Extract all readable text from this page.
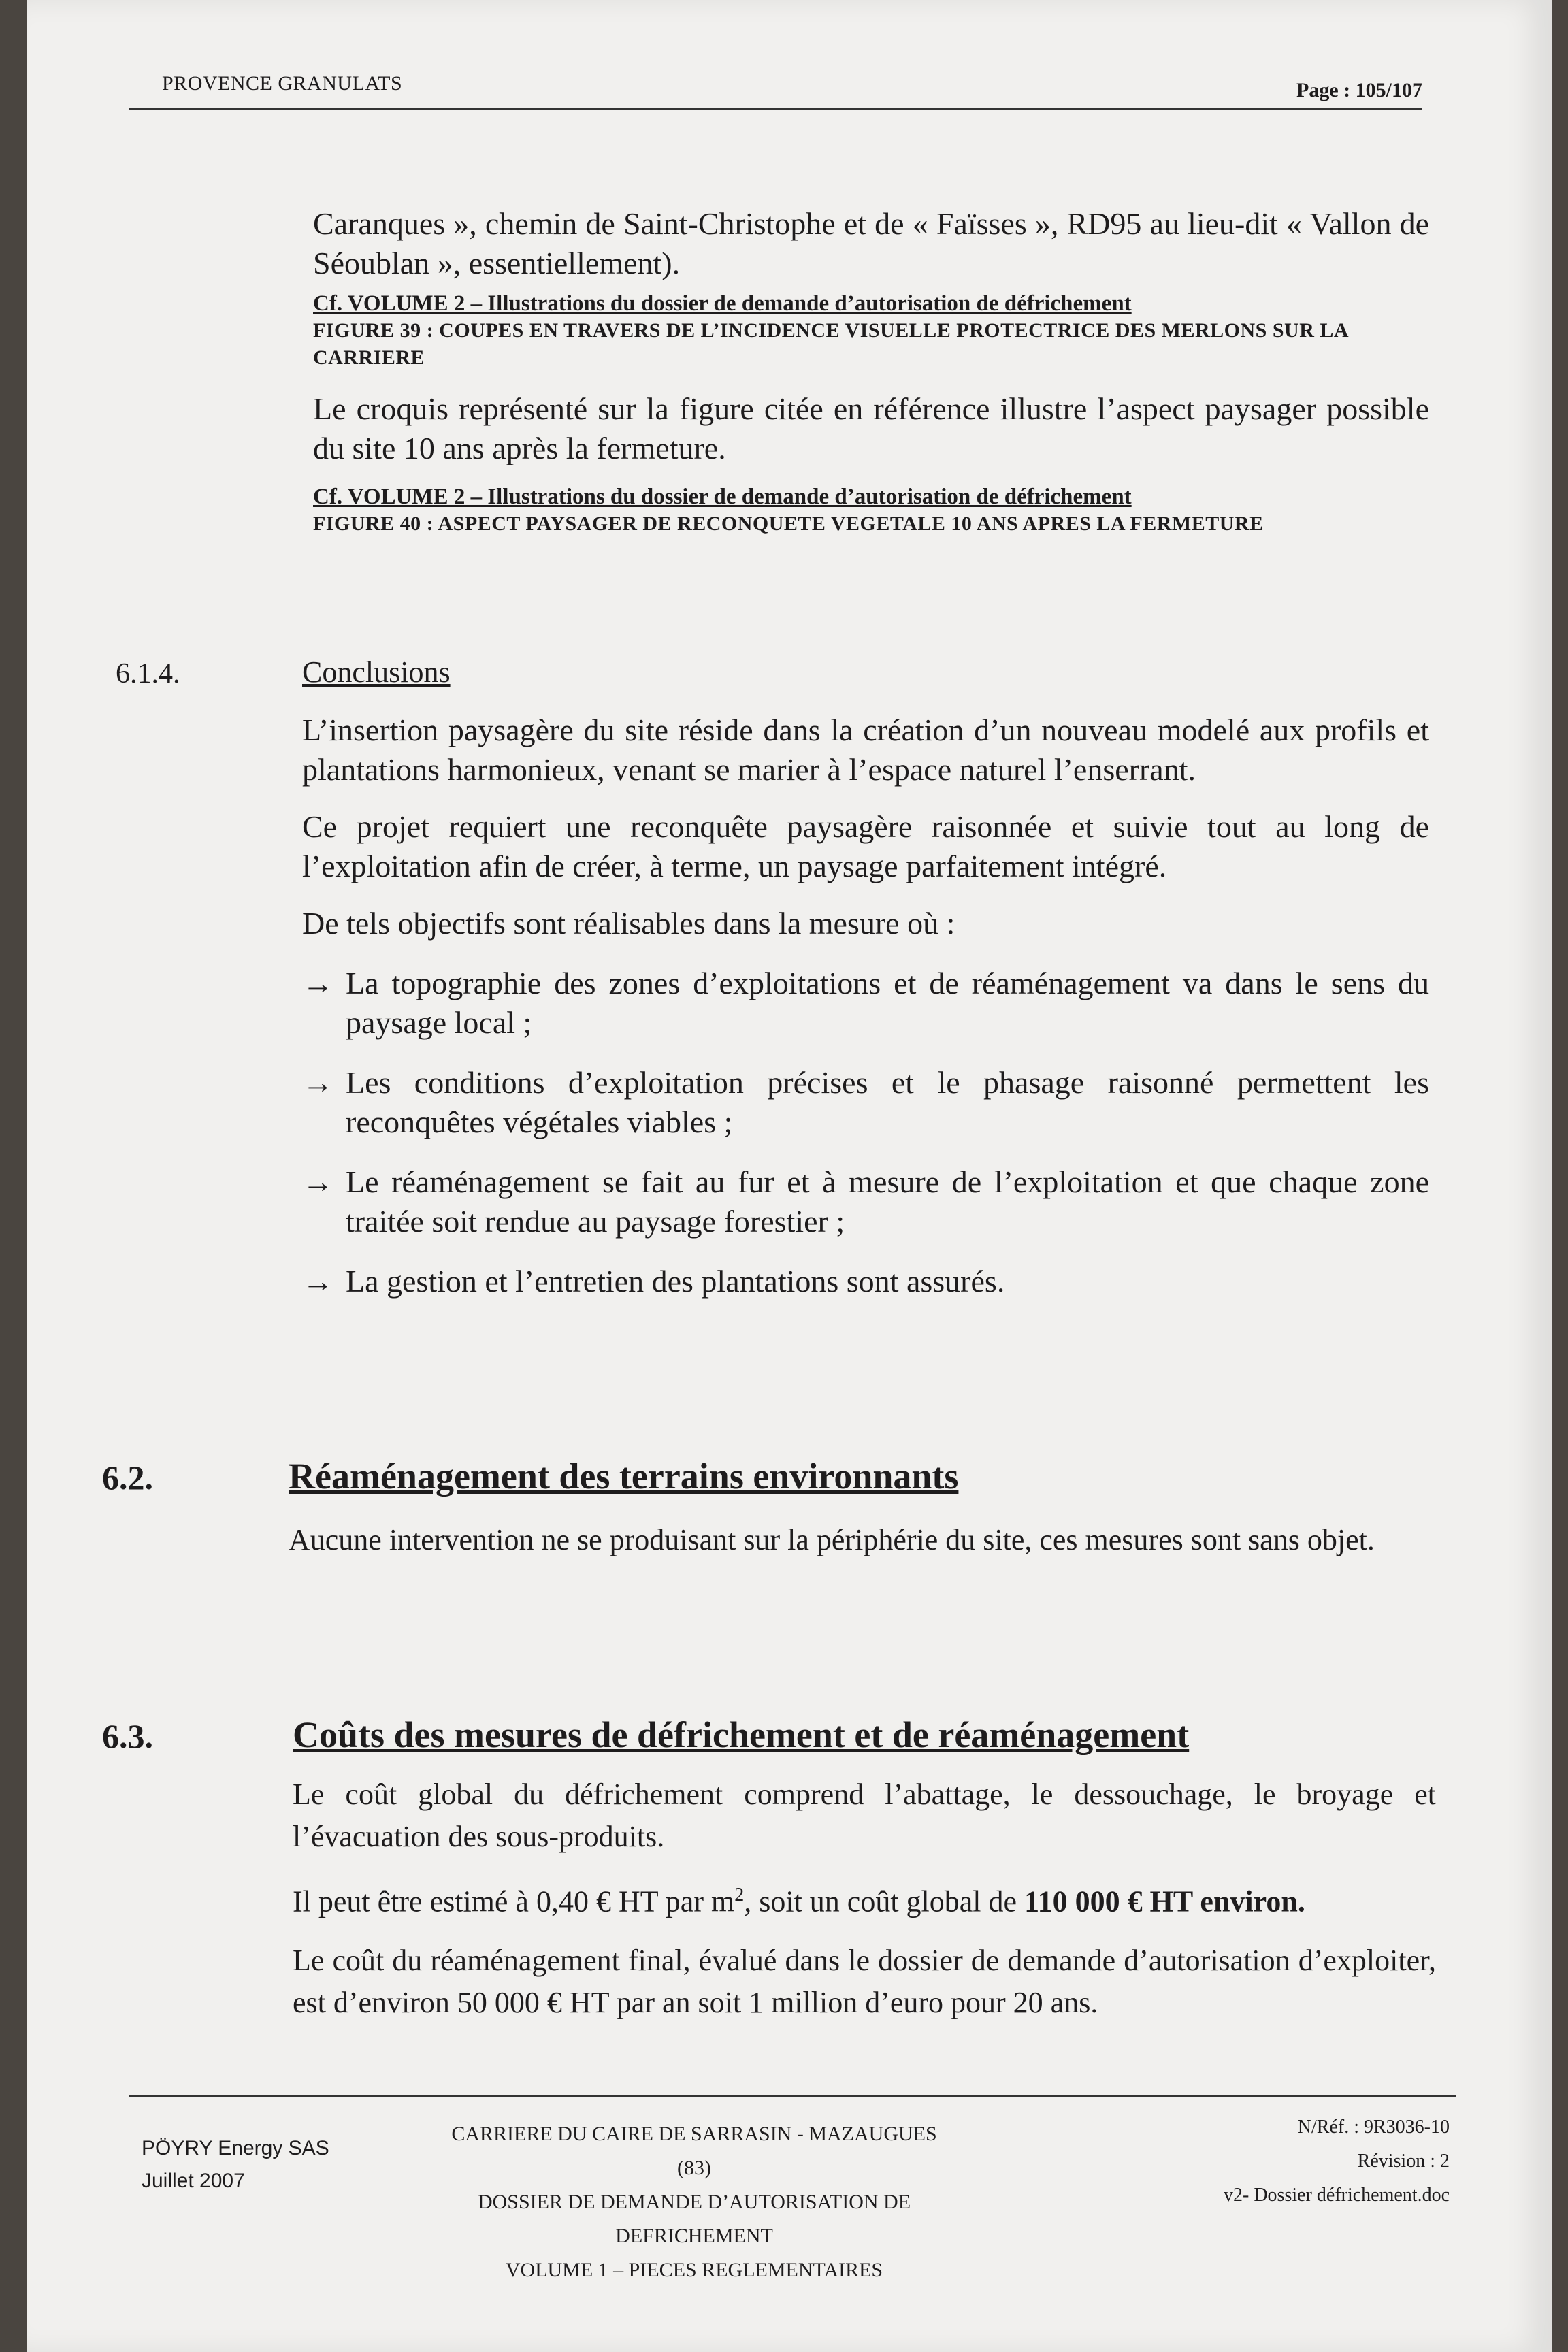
PROVENCE GRANULATS	Page : 105/107

Caranques », chemin de Saint-Christophe et de « Faïsses », RD95 au lieu-dit « Vallon de Séoublan », essentiellement).

Cf. VOLUME 2 – Illustrations du dossier de demande d’autorisation de défrichement

FIGURE 39 : COUPES EN TRAVERS DE L’INCIDENCE VISUELLE PROTECTRICE DES MERLONS SUR LA CARRIERE

Le croquis représenté sur la figure citée en référence illustre l’aspect paysager possible du site 10 ans après la fermeture.

Cf. VOLUME 2 – Illustrations du dossier de demande d’autorisation de défrichement

FIGURE 40 : ASPECT PAYSAGER DE RECONQUETE VEGETALE 10 ANS APRES LA FERMETURE

6.1.4.	Conclusions

L’insertion paysagère du site réside dans la création d’un nouveau modelé aux profils et plantations harmonieux, venant se marier à l’espace naturel l’enserrant.

Ce projet requiert une reconquête paysagère raisonnée et suivie tout au long de l’exploitation afin de créer, à terme, un paysage parfaitement intégré.

De tels objectifs sont réalisables dans la mesure où :

→ La topographie des zones d’exploitations et de réaménagement va dans le sens du paysage local ;

→ Les conditions d’exploitation précises et le phasage raisonné permettent les reconquêtes végétales viables ;

→ Le réaménagement se fait au fur et à mesure de l’exploitation et que chaque zone traitée soit rendue au paysage forestier ;

→ La gestion et l’entretien des plantations sont assurés.

6.2.	Réaménagement des terrains environnants

Aucune intervention ne se produisant sur la périphérie du site, ces mesures sont sans objet.

6.3.	Coûts des mesures de défrichement et de réaménagement

Le coût global du défrichement comprend l’abattage, le dessouchage, le broyage et l’évacuation des sous-produits.

Il peut être estimé à 0,40 € HT par $m^2$, soit un coût global de 110 000 € HT environ.

Le coût du réaménagement final, évalué dans le dossier de demande d’autorisation d’exploiter, est d’environ 50 000 € HT par an soit 1 million d’euro pour 20 ans.

PÖYRY Energy SAS
Juillet 2007
CARRIERE DU CAIRE DE SARRASIN - MAZAUGUES (83)
DOSSIER DE DEMANDE D’AUTORISATION DE DEFRICHEMENT
VOLUME 1 – PIECES REGLEMENTAIRES
N/Réf. : 9R3036-10
Révision : 2
v2- Dossier défrichement.doc
